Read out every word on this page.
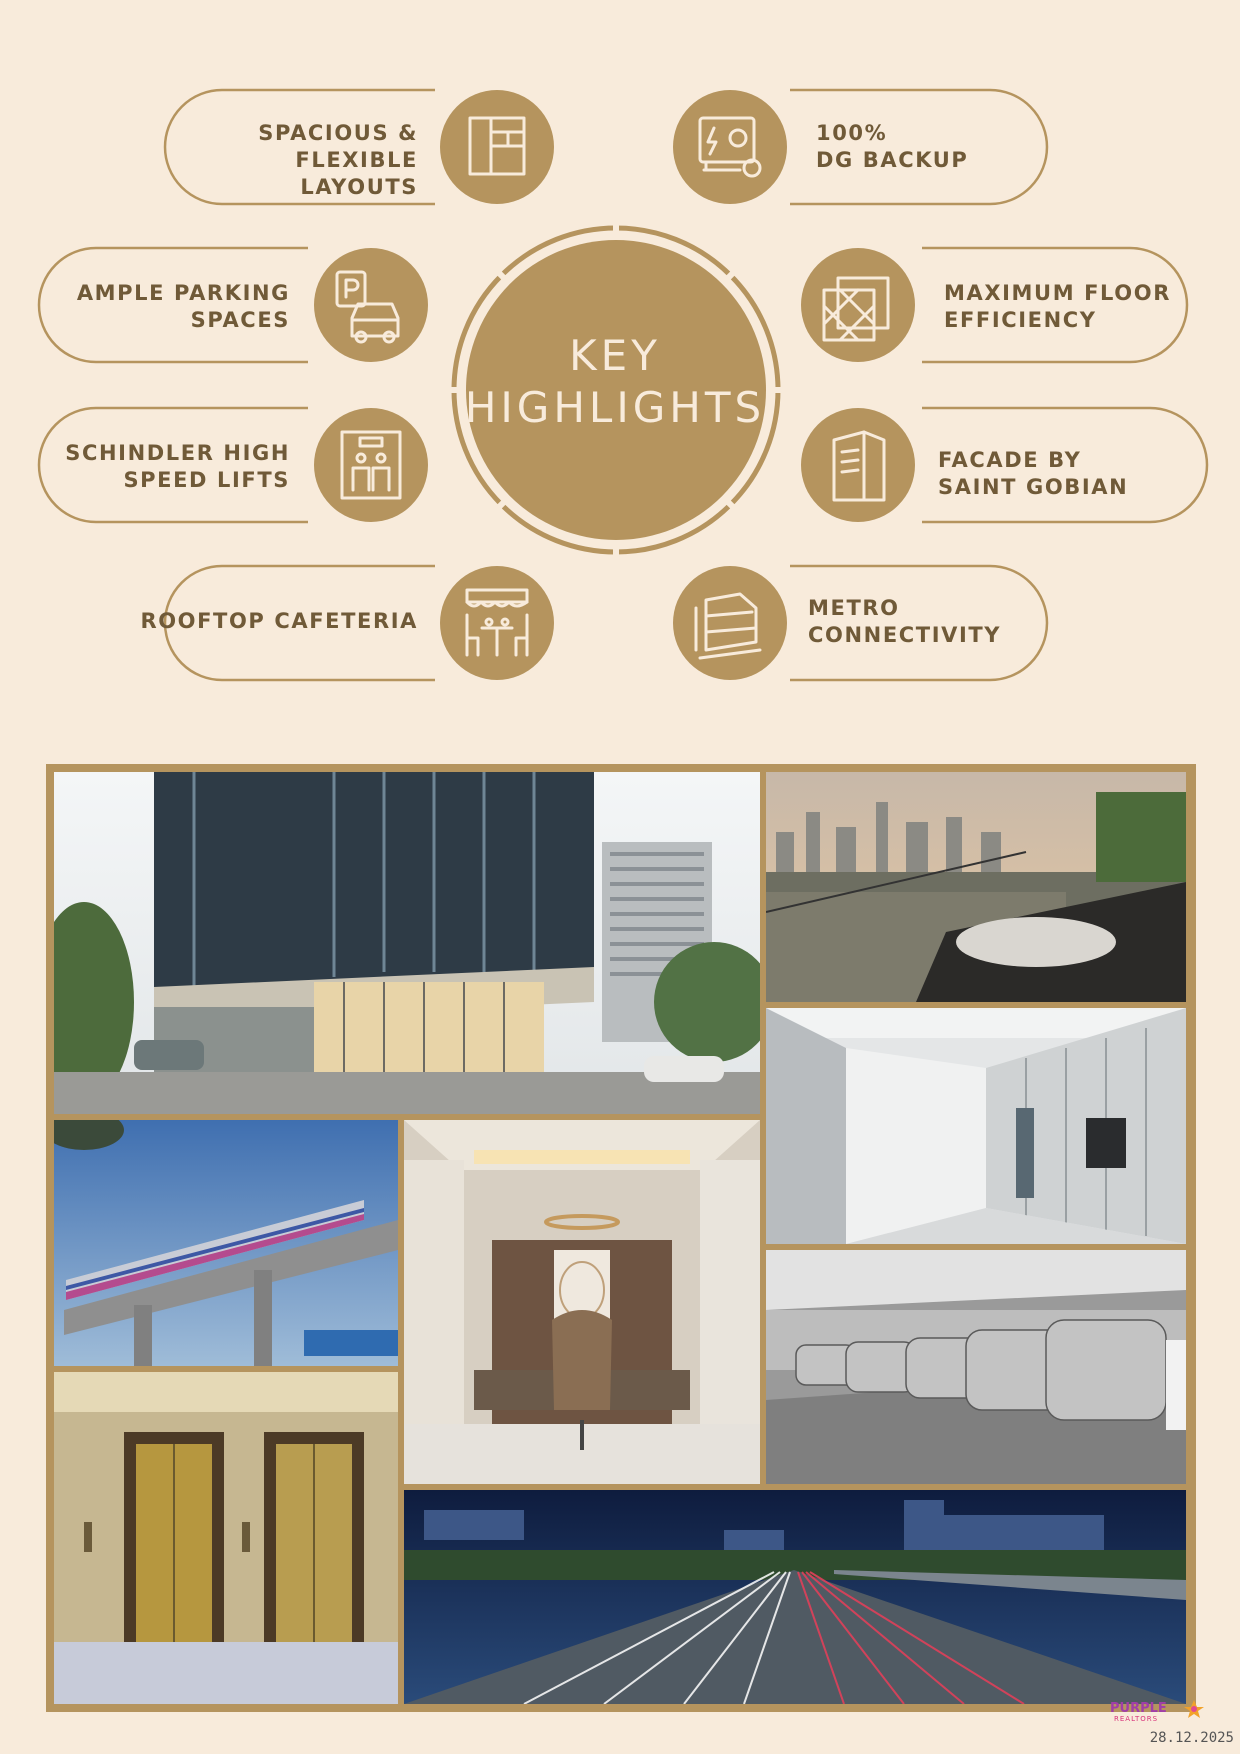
KEY
HIGHLIGHTS
SPACIOUS & FLEXIBLE
LAYOUTS
100%
DG BACKUP
AMPLE PARKING
SPACES
MAXIMUM FLOOR
EFFICIENCY
SCHINDLER HIGH
SPEED LIFTS
FACADE BY
SAINT GOBIAN
ROOFTOP CAFETERIA
METRO
CONNECTIVITY
PURPLE
REALTORS
28.12.2025
